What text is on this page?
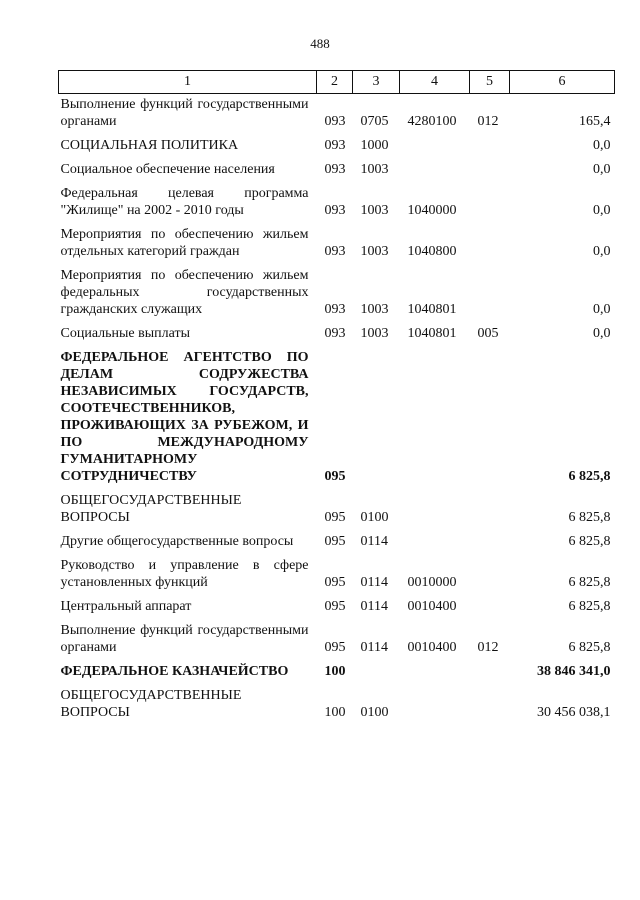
488
1	2	3	4	5	6
Выполнение функций государственными органами	093	0705	4280100	012	165,4
СОЦИАЛЬНАЯ ПОЛИТИКА	093	1000			0,0
Социальное обеспечение населения	093	1003			0,0
Федеральная целевая программа "Жилище" на 2002 - 2010 годы	093	1003	1040000		0,0
Мероприятия по обеспечению жильем отдельных категорий граждан	093	1003	1040800		0,0
Мероприятия по обеспечению жильем федеральных государственных гражданских служащих	093	1003	1040801		0,0
Социальные выплаты	093	1003	1040801	005	0,0
ФЕДЕРАЛЬНОЕ АГЕНТСТВО ПО ДЕЛАМ СОДРУЖЕСТВА НЕЗАВИСИМЫХ ГОСУДАРСТВ, СООТЕЧЕСТВЕННИКОВ, ПРОЖИВАЮЩИХ ЗА РУБЕЖОМ, И ПО МЕЖДУНАРОДНОМУ ГУМАНИТАРНОМУ СОТРУДНИЧЕСТВУ	095				6 825,8
ОБЩЕГОСУДАРСТВЕННЫЕ ВОПРОСЫ	095	0100			6 825,8
Другие общегосударственные вопросы	095	0114			6 825,8
Руководство и управление в сфере установленных функций	095	0114	0010000		6 825,8
Центральный аппарат	095	0114	0010400		6 825,8
Выполнение функций государственными органами	095	0114	0010400	012	6 825,8
ФЕДЕРАЛЬНОЕ КАЗНАЧЕЙСТВО	100				38 846 341,0
ОБЩЕГОСУДАРСТВЕННЫЕ ВОПРОСЫ	100	0100			30 456 038,1
